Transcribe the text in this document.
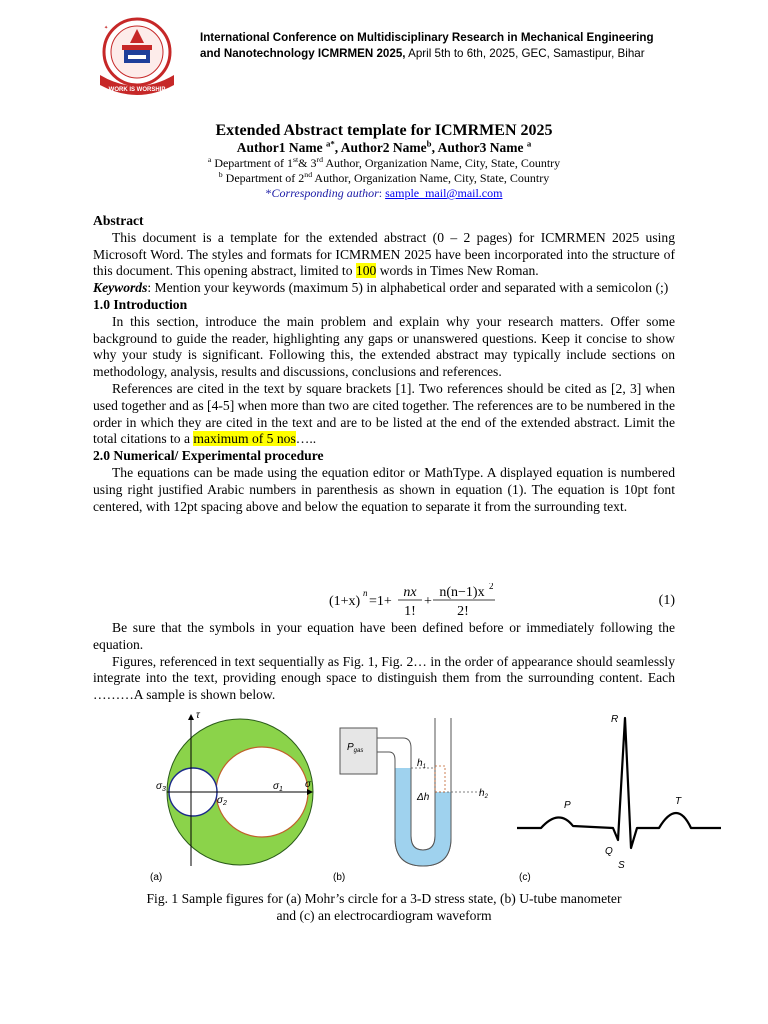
WORK IS WORSHIP
✦
International Conference on Multidisciplinary Research in Mechanical Engineering
and Nanotechnology ICMRMEN 2025, April 5th to 6th, 2025, GEC, Samastipur, Bihar
Extended Abstract template for ICMRMEN 2025
Author1 Name $^{a*}$, Author2 Name$^b$, Author3 Name $^a$
$^a$ Department of 1st& 3rd Author, Organization Name, City, State, Country
$^b$ Department of 2nd Author, Organization Name, City, State, Country
*Corresponding author: sample_mail@mail.com

Abstract

This document is a template for the extended abstract (0 – 2 pages) for ICMRMEN 2025 using Microsoft Word. The styles and formats for ICMRMEN 2025 have been incorporated into the structure of this document. This opening abstract, limited to 100 words in Times New Roman.

Keywords: Mention your keywords (maximum 5) in alphabetical order and separated with a semicolon (;)

1.0 Introduction

In this section, introduce the main problem and explain why your research matters. Offer some background to guide the reader, highlighting any gaps or unanswered questions. Keep it concise to show why your study is significant. Following this, the extended abstract may typically include sections on methodology, analysis, results and discussions, conclusions and references.

References are cited in the text by square brackets [1]. Two references should be cited as [2, 3] when used together and as [4-5] when more than two are cited together. The references are to be numbered in the order in which they are cited in the text and are to be listed at the end of the extended abstract. Limit the total citations to a maximum of 5 nos…..

2.0 Numerical/ Experimental procedure

The equations can be made using the equation editor or MathType. A displayed equation is numbered using right justified Arabic numbers in parenthesis as shown in equation (1). The equation is 10pt font centered, with 12pt spacing above and below the equation to separate it from the surrounding text.

(1+x)
n
=1+
nx
1!
+
n(n−1)x 2
2!
(1)

Be sure that the symbols in your equation have been defined before or immediately following the equation.

Figures, referenced in text sequentially as Fig. 1, Fig. 2… in the order of appearance should seamlessly integrate into the text, providing enough space to distinguish them from the surrounding content. Each ………A sample is shown below.

τ
σ
$\sigma_1$
$\sigma_2$
$\sigma_3$
(a)
$P_{gas}$
$h_1$
Δh	$h_2$
(b)
R
P	T
Q
S
(c)
Fig. 1 Sample figures for (a) Mohr’s circle for a 3-D stress state, (b) U-tube manometer
and (c) an electrocardiogram waveform
